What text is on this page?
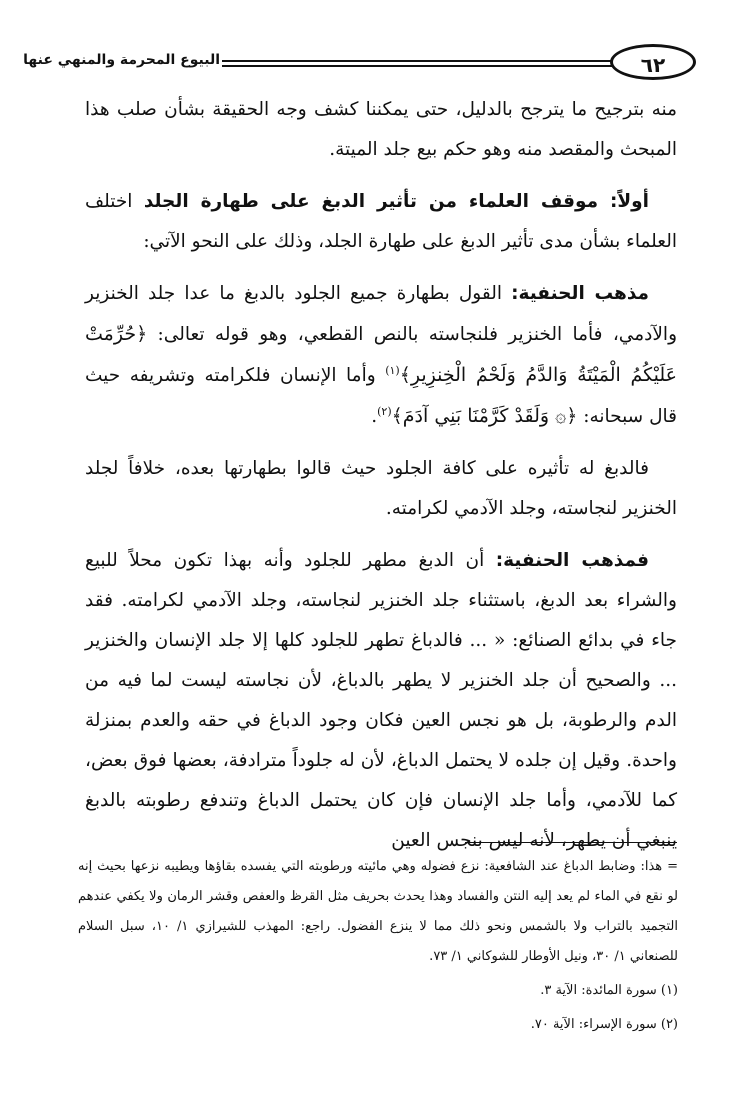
البيوع المحرمة والمنهي عنها	٦٢

منه بترجيح ما يترجح بالدليل، حتى يمكننا كشف وجه الحقيقة بشأن صلب هذا المبحث والمقصد منه وهو حكم بيع جلد الميتة.

أولاً: موقف العلماء من تأثير الدبغ على طهارة الجلد اختلف العلماء بشأن مدى تأثير الدبغ على طهارة الجلد، وذلك على النحو الآتي:

مذهب الحنفية: القول بطهارة جميع الجلود بالدبغ ما عدا جلد الخنزير والآدمي، فأما الخنزير فلنجاسته بالنص القطعي، وهو قوله تعالى: ﴿حُرِّمَتْ عَلَيْكُمُ الْمَيْتَةُ وَالدَّمُ وَلَحْمُ الْخِنزِيرِ﴾$^{(١)}$ وأما الإنسان فلكرامته وتشريفه حيث قال سبحانه: ﴿۞ وَلَقَدْ كَرَّمْنَا بَنِي آدَمَ﴾$^{(٢)}$.

فالدبغ له تأثيره على كافة الجلود حيث قالوا بطهارتها بعده، خلافاً لجلد الخنزير لنجاسته، وجلد الآدمي لكرامته.

فمذهب الحنفية: أن الدبغ مطهر للجلود وأنه بهذا تكون محلاً للبيع والشراء بعد الدبغ، باستثناء جلد الخنزير لنجاسته، وجلد الآدمي لكرامته. فقد جاء في بدائع الصنائع: « ... فالدباغ تطهر للجلود كلها إلا جلد الإنسان والخنزير ... والصحيح أن جلد الخنزير لا يطهر بالدباغ، لأن نجاسته ليست لما فيه من الدم والرطوبة، بل هو نجس العين فكان وجود الدباغ في حقه والعدم بمنزلة واحدة. وقيل إن جلده لا يحتمل الدباغ، لأن له جلوداً مترادفة، بعضها فوق بعض، كما للآدمي، وأما جلد الإنسان فإن كان يحتمل الدباغ وتندفع رطوبته بالدبغ ينبغي أن يطهر، لأنه ليس بنجس العين

= هذا: وضابط الدباغ عند الشافعية: نزع فضوله وهي مائيته ورطوبته التي يفسده بقاؤها ويطيبه نزعها بحيث إنه لو نقع في الماء لم يعد إليه النتن والفساد وهذا يحدث بحريف مثل القرظ والعفص وقشر الرمان ولا يكفي عندهم التجميد بالتراب ولا بالشمس ونحو ذلك مما لا ينزع الفضول. راجع: المهذب للشيرازي ١/ ١٠، سبل السلام للصنعاني ١/ ٣٠، ونيل الأوطار للشوكاني ١/ ٧٣.

(١) سورة المائدة: الآية ٣.

(٢) سورة الإسراء: الآية ٧٠.
